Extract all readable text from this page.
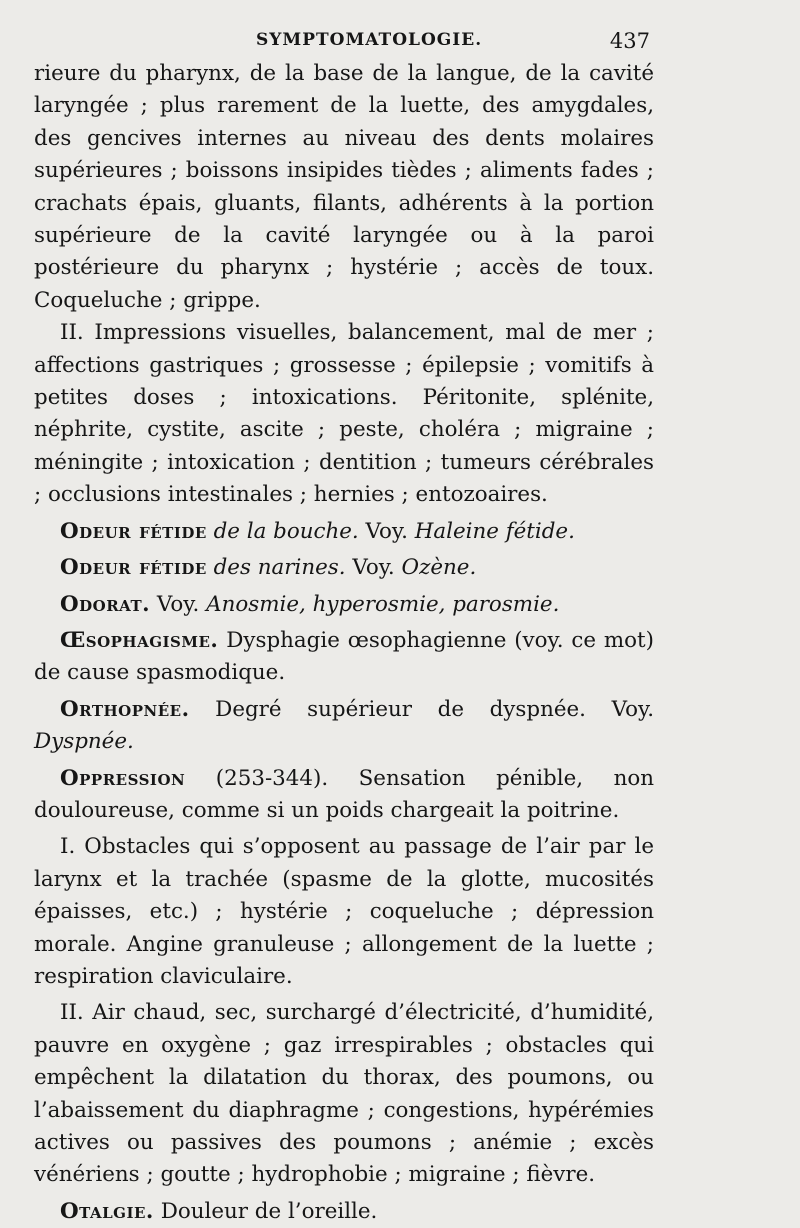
SYMPTOMATOLOGIE.	437

rieure du pharynx, de la base de la langue, de la cavité laryngée ; plus rarement de la luette, des amygdales, des gencives internes au niveau des dents molaires supérieures ; boissons insipides tièdes ; aliments fades ; crachats épais, gluants, filants, adhérents à la portion supérieure de la cavité laryngée ou à la paroi postérieure du pharynx ; hystérie ; accès de toux. Coqueluche ; grippe.

II. Impressions visuelles, balancement, mal de mer ; affections gastriques ; grossesse ; épilepsie ; vomitifs à petites doses ; intoxications. Péritonite, splénite, néphrite, cystite, ascite ; peste, choléra ; migraine ; méningite ; intoxication ; dentition ; tumeurs cérébrales ; occlusions intestinales ; hernies ; entozoaires.

Odeur fétide de la bouche. Voy. Haleine fétide.

Odeur fétide des narines. Voy. Ozène.

Odorat. Voy. Anosmie, hyperosmie, parosmie.

Œsophagisme. Dysphagie œsophagienne (voy. ce mot) de cause spasmodique.

Orthopnée. Degré supérieur de dyspnée. Voy. Dyspnée.

Oppression (253-344). Sensation pénible, non douloureuse, comme si un poids chargeait la poitrine.

I. Obstacles qui s’opposent au passage de l’air par le larynx et la trachée (spasme de la glotte, mucosités épaisses, etc.) ; hystérie ; coqueluche ; dépression morale. Angine granuleuse ; allongement de la luette ; respiration claviculaire.

II. Air chaud, sec, surchargé d’électricité, d’humidité, pauvre en oxygène ; gaz irrespirables ; obstacles qui empêchent la dilatation du thorax, des poumons, ou l’abaissement du diaphragme ; congestions, hypérémies actives ou passives des poumons ; anémie ; excès vénériens ; goutte ; hydrophobie ; migraine ; fièvre.

Otalgie. Douleur de l’oreille.
